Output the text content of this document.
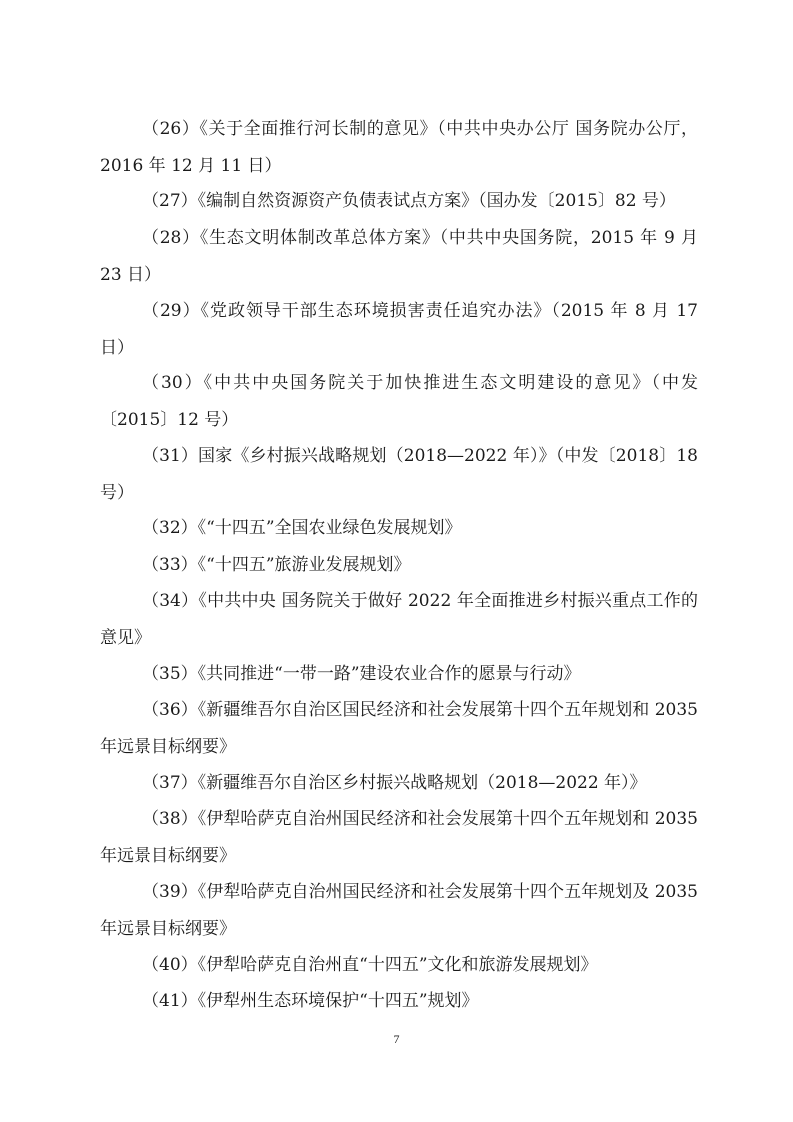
（26）《关于全面推行河长制的意见》（中共中央办公厅 国务院办公厅，2016 年 12 月 11 日）

（27）《编制自然资源资产负债表试点方案》（国办发〔2015〕82 号）

（28）《生态文明体制改革总体方案》（中共中央国务院，2015 年 9 月 23 日）

（29）《党政领导干部生态环境损害责任追究办法》（2015 年 8 月 17 日）

（30）《中共中央国务院关于加快推进生态文明建设的意见》（中发〔2015〕12 号）

（31）国家《乡村振兴战略规划（2018—2022 年）》（中发〔2018〕18 号）

（32）《“十四五”全国农业绿色发展规划》

（33）《“十四五”旅游业发展规划》

（34）《中共中央 国务院关于做好 2022 年全面推进乡村振兴重点工作的意见》

（35）《共同推进“一带一路”建设农业合作的愿景与行动》

（36）《新疆维吾尔自治区国民经济和社会发展第十四个五年规划和 2035 年远景目标纲要》

（37）《新疆维吾尔自治区乡村振兴战略规划（2018—2022 年）》

（38）《伊犁哈萨克自治州国民经济和社会发展第十四个五年规划和 2035 年远景目标纲要》

（39）《伊犁哈萨克自治州国民经济和社会发展第十四个五年规划及 2035 年远景目标纲要》

（40）《伊犁哈萨克自治州直“十四五”文化和旅游发展规划》

（41）《伊犁州生态环境保护“十四五”规划》

7
